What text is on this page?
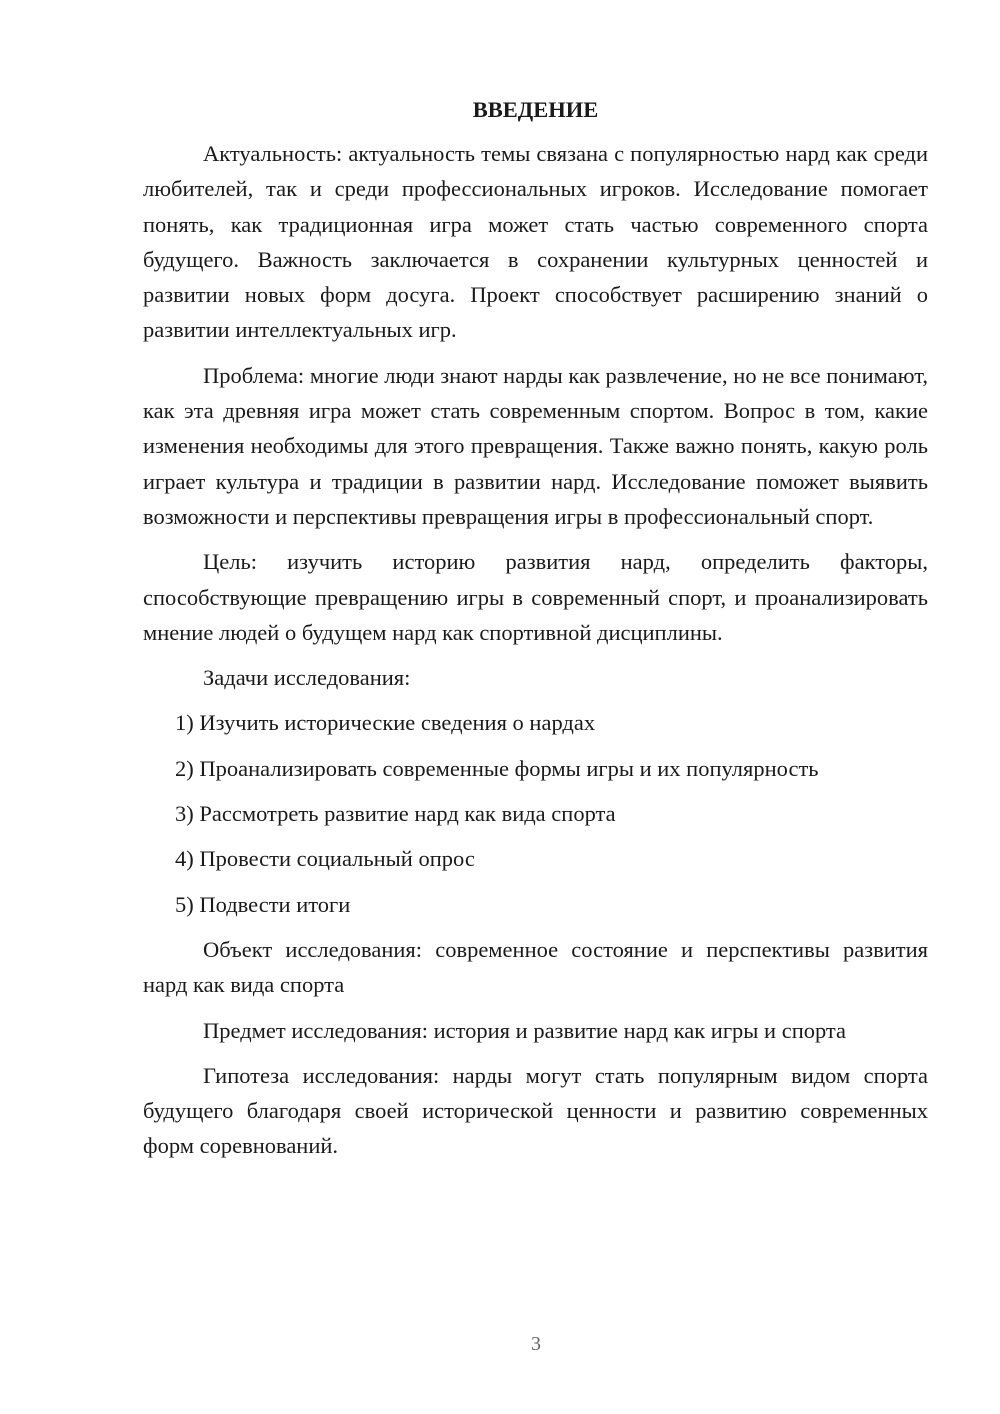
ВВЕДЕНИЕ

Актуальность: актуальность темы связана с популярностью нард как среди любителей, так и среди профессиональных игроков. Исследование помогает понять, как традиционная игра может стать частью современного спорта будущего. Важность заключается в сохранении культурных ценностей и развитии новых форм досуга. Проект способствует расширению знаний о развитии интеллектуальных игр.

Проблема: многие люди знают нарды как развлечение, но не все понимают, как эта древняя игра может стать современным спортом. Вопрос в том, какие изменения необходимы для этого превращения. Также важно понять, какую роль играет культура и традиции в развитии нард. Исследование поможет выявить возможности и перспективы превращения игры в профессиональный спорт.

Цель: изучить историю развития нард, определить факторы, способствующие превращению игры в современный спорт, и проанализировать мнение людей о будущем нард как спортивной дисциплины.

Задачи исследования:

1) Изучить исторические сведения о нардах
2) Проанализировать современные формы игры и их популярность
3) Рассмотреть развитие нард как вида спорта
4) Провести социальный опрос
5) Подвести итоги

Объект исследования: современное состояние и перспективы развития нард как вида спорта

Предмет исследования: история и развитие нард как игры и спорта

Гипотеза исследования: нарды могут стать популярным видом спорта будущего благодаря своей исторической ценности и развитию современных форм соревнований.

3
